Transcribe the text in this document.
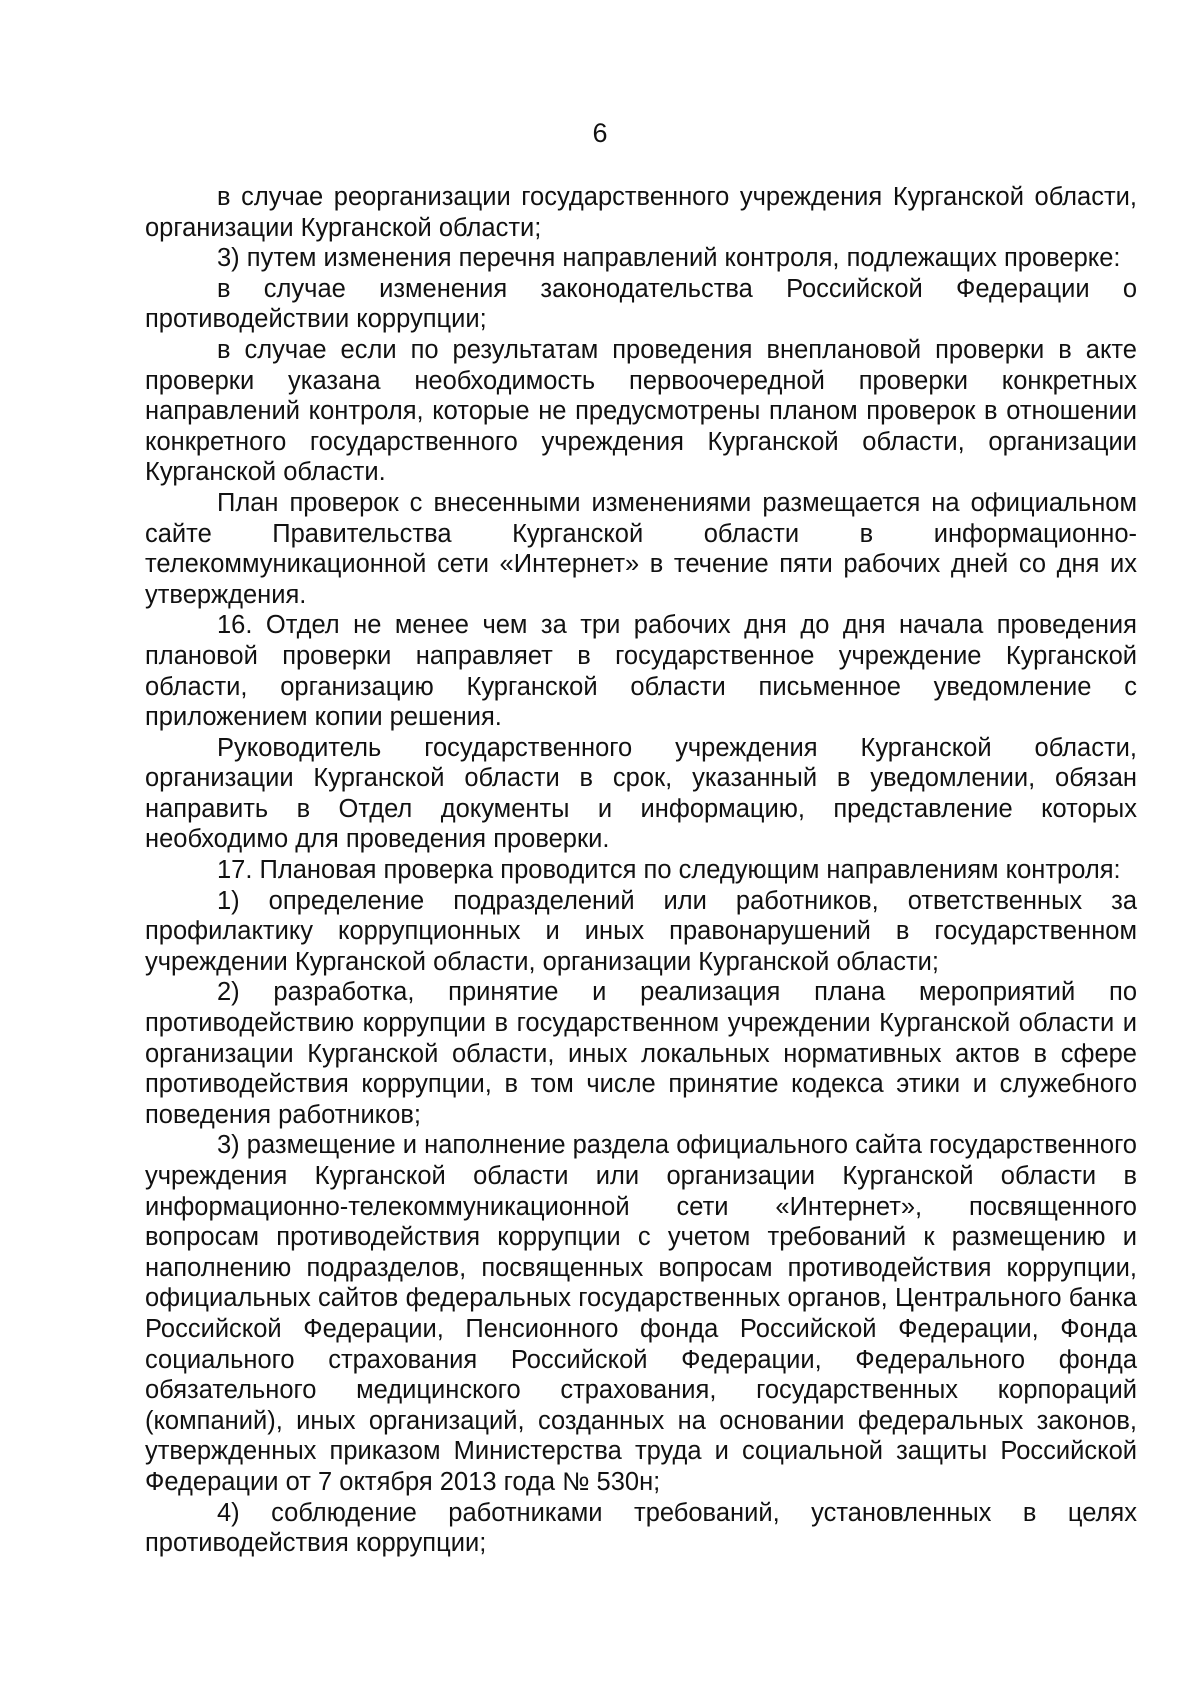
6

в случае реорганизации государственного учреждения Курганской области, организации Курганской области;

3) путем изменения перечня направлений контроля, подлежащих проверке:

в случае изменения законодательства Российской Федерации о противодействии коррупции;

в случае если по результатам проведения внеплановой проверки в акте проверки указана необходимость первоочередной проверки конкретных направлений контроля, которые не предусмотрены планом проверок в отношении конкретного государственного учреждения Курганской области, организации Курганской области.

План проверок с внесенными изменениями размещается на официальном сайте Правительства Курганской области в информационно-телекоммуникационной сети «Интернет» в течение пяти рабочих дней со дня их утверждения.

16. Отдел не менее чем за три рабочих дня до дня начала проведения плановой проверки направляет в государственное учреждение Курганской области, организацию Курганской области письменное уведомление с приложением копии решения.

Руководитель государственного учреждения Курганской области, организации Курганской области в срок, указанный в уведомлении, обязан направить в Отдел документы и информацию, представление которых необходимо для проведения проверки.

17. Плановая проверка проводится по следующим направлениям контроля:

1) определение подразделений или работников, ответственных за профилактику коррупционных и иных правонарушений в государственном учреждении Курганской области, организации Курганской области;

2) разработка, принятие и реализация плана мероприятий по противодействию коррупции в государственном учреждении Курганской области и организации Курганской области, иных локальных нормативных актов в сфере противодействия коррупции, в том числе принятие кодекса этики и служебного поведения работников;

3) размещение и наполнение раздела официального сайта государственного учреждения Курганской области или организации Курганской области в информационно-телекоммуникационной сети «Интернет», посвященного вопросам противодействия коррупции с учетом требований к размещению и наполнению подразделов, посвященных вопросам противодействия коррупции, официальных сайтов федеральных государственных органов, Центрального банка Российской Федерации, Пенсионного фонда Российской Федерации, Фонда социального страхования Российской Федерации, Федерального фонда обязательного медицинского страхования, государственных корпораций (компаний), иных организаций, созданных на основании федеральных законов, утвержденных приказом Министерства труда и социальной защиты Российской Федерации от 7 октября 2013 года № 530н;

4) соблюдение работниками требований, установленных в целях противодействия коррупции;
